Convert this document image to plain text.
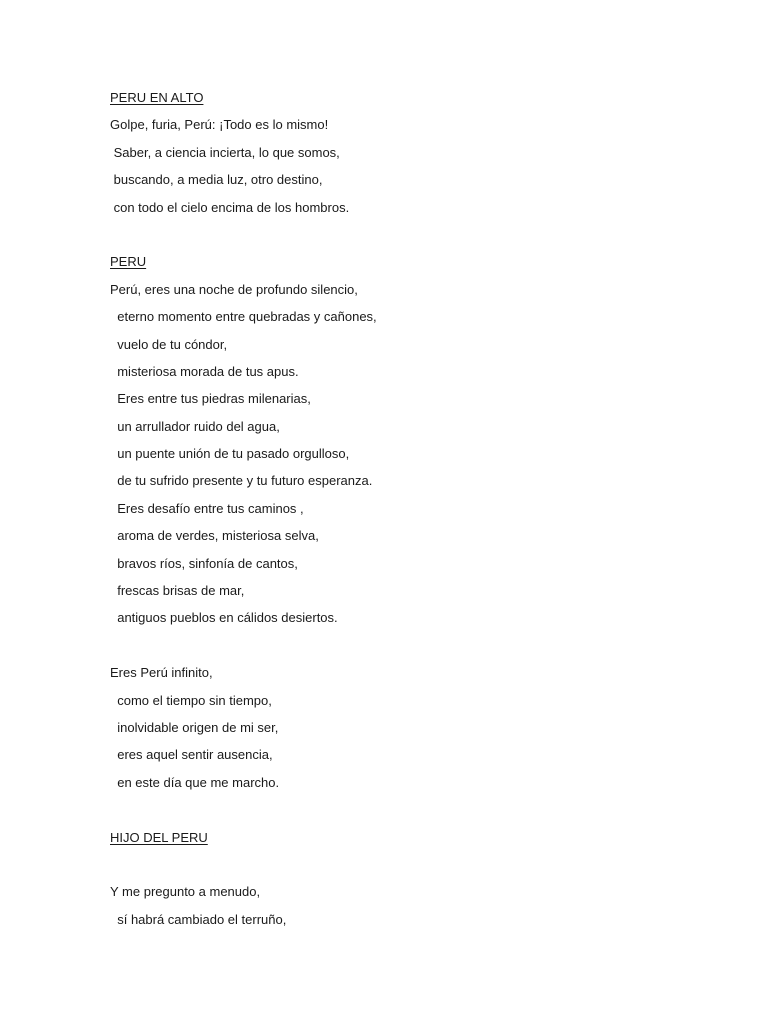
PERU EN ALTO
Golpe, furia, Perú: ¡Todo es lo mismo!
Saber, a ciencia incierta, lo que somos,
buscando, a media luz, otro destino,
con todo el cielo encima de los hombros.
PERU
Perú, eres una noche de profundo silencio,
eterno momento entre quebradas y cañones,
vuelo de tu cóndor,
misteriosa morada de tus apus.
Eres entre tus piedras milenarias,
un arrullador ruido del agua,
un puente unión de tu pasado orgulloso,
de tu sufrido presente y tu futuro esperanza.
Eres desafío entre tus caminos ,
aroma de verdes, misteriosa selva,
bravos ríos, sinfonía de cantos,
frescas brisas de mar,
antiguos pueblos en cálidos desiertos.
Eres Perú infinito,
como el tiempo sin tiempo,
inolvidable origen de mi ser,
eres aquel sentir ausencia,
en este día que me marcho.
HIJO DEL PERU
Y me pregunto a menudo,
sí habrá cambiado el terruño,
